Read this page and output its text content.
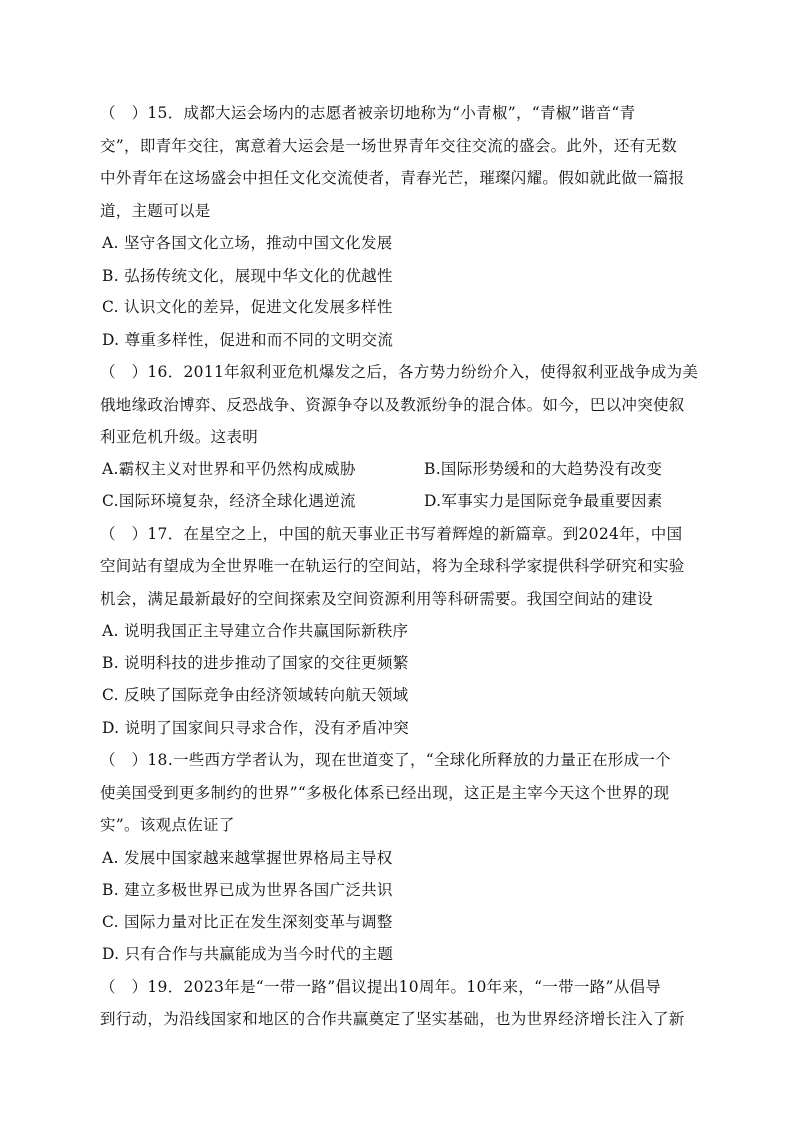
（　）15．成都大运会场内的志愿者被亲切地称为“小青椒”，“青椒”谐音“青
交”，即青年交往，寓意着大运会是一场世界青年交往交流的盛会。此外，还有无数
中外青年在这场盛会中担任文化交流使者，青春光芒，璀璨闪耀。假如就此做一篇报
道，主题可以是
A. 坚守各国文化立场，推动中国文化发展
B. 弘扬传统文化，展现中华文化的优越性
C. 认识文化的差异，促进文化发展多样性
D. 尊重多样性，促进和而不同的文明交流
（　）16．2011年叙利亚危机爆发之后，各方势力纷纷介入，使得叙利亚战争成为美
俄地缘政治博弈、反恐战争、资源争夺以及教派纷争的混合体。如今，巴以冲突使叙
利亚危机升级。这表明
A.霸权主义对世界和平仍然构成威胁	B.国际形势缓和的大趋势没有改变
C.国际环境复杂，经济全球化遇逆流	D.军事实力是国际竞争最重要因素
（　）17．在星空之上，中国的航天事业正书写着辉煌的新篇章。到2024年，中国
空间站有望成为全世界唯一在轨运行的空间站，将为全球科学家提供科学研究和实验
机会，满足最新最好的空间探索及空间资源利用等科研需要。我国空间站的建设
A. 说明我国正主导建立合作共赢国际新秩序
B. 说明科技的进步推动了国家的交往更频繁
C. 反映了国际竞争由经济领域转向航天领域
D. 说明了国家间只寻求合作，没有矛盾冲突
（　）18.一些西方学者认为，现在世道变了，“全球化所释放的力量正在形成一个
使美国受到更多制约的世界”“多极化体系已经出现，这正是主宰今天这个世界的现
实”。该观点佐证了
A. 发展中国家越来越掌握世界格局主导权
B. 建立多极世界已成为世界各国广泛共识
C. 国际力量对比正在发生深刻变革与调整
D. 只有合作与共赢能成为当今时代的主题
（　）19．2023年是“一带一路”倡议提出10周年。10年来，“一带一路”从倡导
到行动，为沿线国家和地区的合作共赢奠定了坚实基础，也为世界经济增长注入了新
